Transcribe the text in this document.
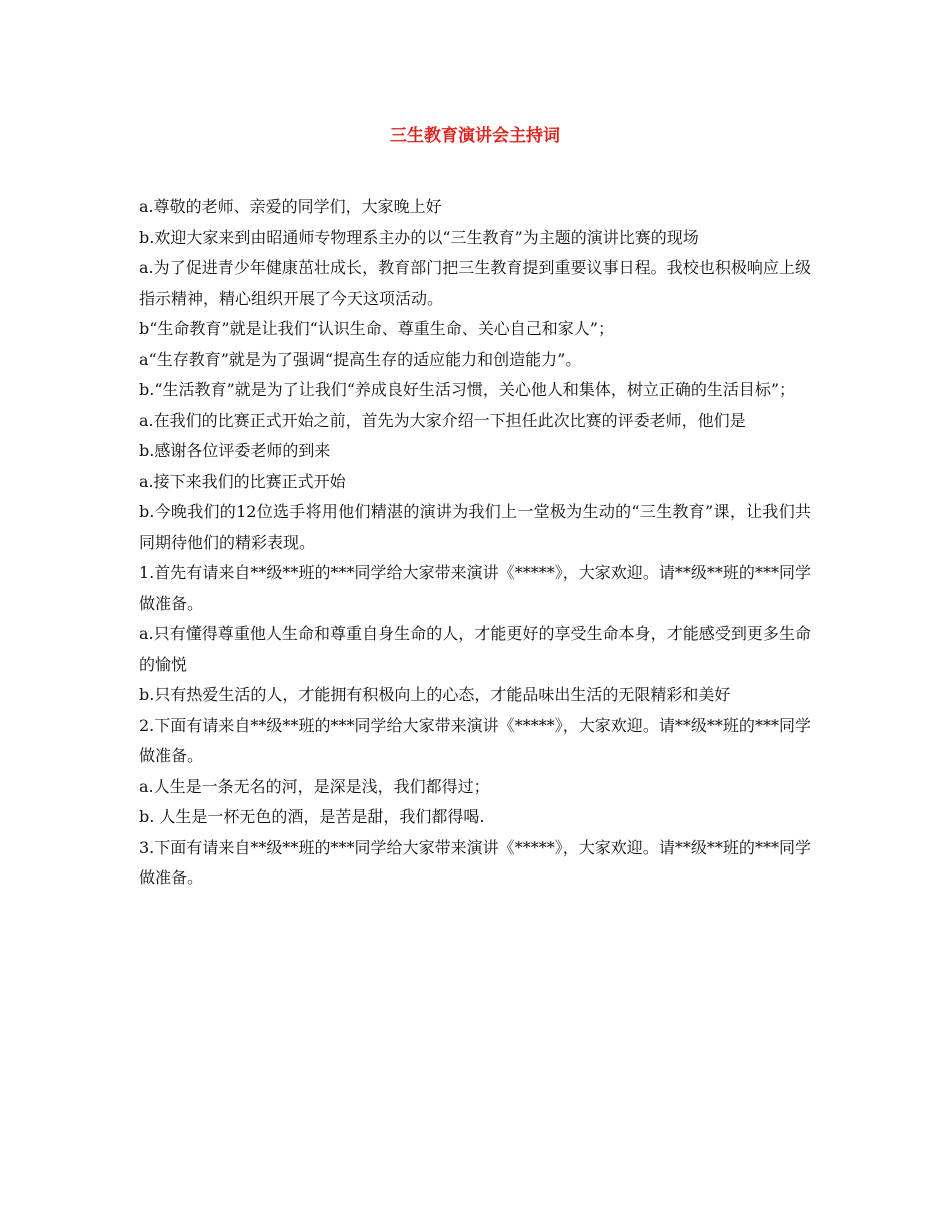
三生教育演讲会主持词

a.尊敬的老师、亲爱的同学们，大家晚上好

b.欢迎大家来到由昭通师专物理系主办的以“三生教育”为主题的演讲比赛的现场

a.为了促进青少年健康茁壮成长，教育部门把三生教育提到重要议事日程。我校也积极响应上级指示精神，精心组织开展了今天这项活动。

b“生命教育”就是让我们“认识生命、尊重生命、关心自己和家人”；

a“生存教育”就是为了强调“提高生存的适应能力和创造能力”。

b.“生活教育”就是为了让我们“养成良好生活习惯，关心他人和集体，树立正确的生活目标”；

a.在我们的比赛正式开始之前，首先为大家介绍一下担任此次比赛的评委老师，他们是

b.感谢各位评委老师的到来

a.接下来我们的比赛正式开始

b.今晚我们的12位选手将用他们精湛的演讲为我们上一堂极为生动的“三生教育”课，让我们共同期待他们的精彩表现。

1.首先有请来自**级**班的***同学给大家带来演讲《*****》，大家欢迎。请**级**班的***同学做准备。

a.只有懂得尊重他人生命和尊重自身生命的人，才能更好的享受生命本身，才能感受到更多生命的愉悦

b.只有热爱生活的人，才能拥有积极向上的心态，才能品味出生活的无限精彩和美好

2.下面有请来自**级**班的***同学给大家带来演讲《*****》，大家欢迎。请**级**班的***同学做准备。

a.人生是一条无名的河，是深是浅，我们都得过；

b. 人生是一杯无色的酒，是苦是甜，我们都得喝.

3.下面有请来自**级**班的***同学给大家带来演讲《*****》，大家欢迎。请**级**班的***同学做准备。
